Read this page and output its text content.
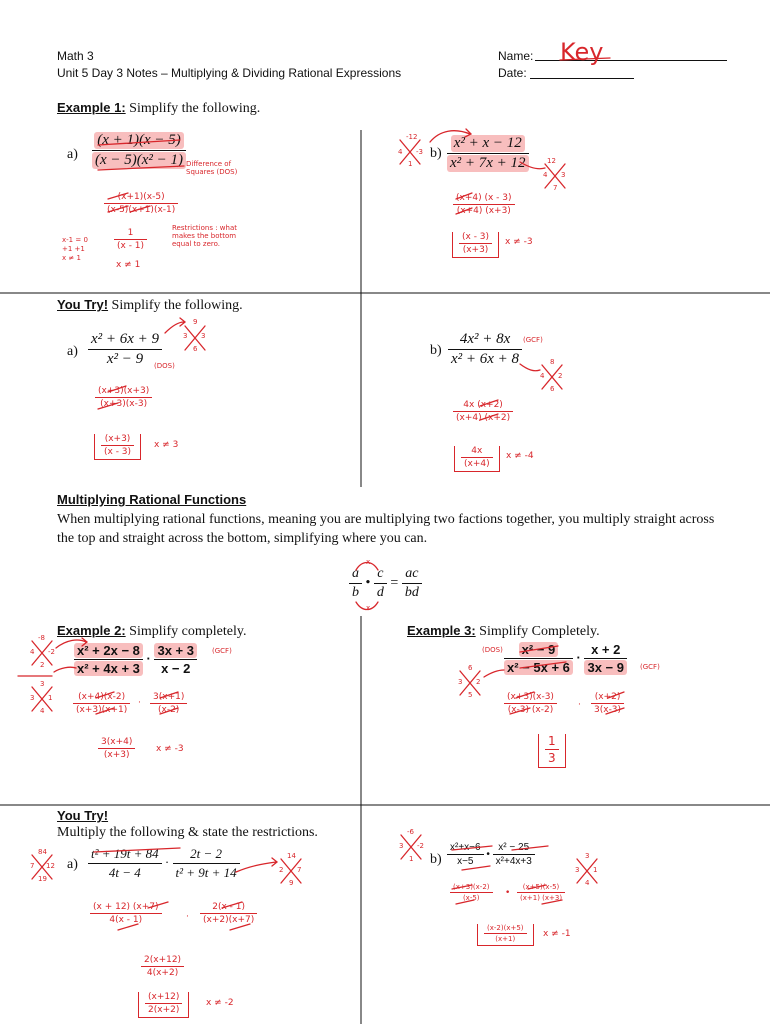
Math 3
Unit 5 Day 3 Notes – Multiplying & Dividing Rational Expressions
Name: Key
Date:
Example 1: Simplify the following.
$a) \frac{(x + 1)(x - 5)}{\text{(x − 5)(x² − 1)}}$ Difference of Squares (DOS)
$\frac{(x+1)(x-5)}{(x-5)(x+1)(x-1)}$
Restrictions : what makes the bottom equal to zero.
$\frac{1}{(x - 1)}$
x-1 = 0
+1 +1
x ≠ 1
x ≠ 1
$b) \frac{\text{x² + x − 12}}{\text{x² + 7x + 12}}$
$\frac{(x+4) (x - 3)}{(x+4) (x+3)}$
$\frac{(x - 3)}{(x+3)}$ x ≠ -3
You Try! Simplify the following.
$a) \frac{\text{x² + 6x + 9}}{\text{x² − 9}}$
(DOS)
$\frac{(x+3)(x+3)}{(x+3)(x-3)}$
$\frac{(x+3)}{(x - 3)}$ x ≠ 3
$b) \frac{\text{4x² + 8x}}{\text{x² + 6x + 8}} (GCF)$
$\frac{4x (x+2)}{(x+4) (x+2)}$
$\frac{4x}{(x+4)}$ x ≠ -4
Multiplying Rational Functions
When multiplying rational functions, meaning you are multiplying two factions together, you multiply straight across the top and straight across the bottom, simplifying where you can.
$\frac{a}{b}$ • $\frac{c}{d} = \frac{ac}{bd}$
x
x
Example 2: Simplify completely.
$\frac{\text{x² + 2x − 8}}{\text{x² + 4x + 3}} \cdot \frac{3x + 3}{x - 2} (GCF)$
$\frac{(x+4)(x-2)}{(x+3)(x+1)} \cdot \frac{3(x+1)}{(x-2)}$
$\frac{3(x+4)}{(x+3)}$ x ≠ -3
Example 3: Simplify Completely.
$(DOS) \frac{\text{x² − 9}}{\text{x² − 5x + 6}} \cdot \frac{x + 2}{3x - 9} (GCF)$
$\frac{(x+3)(x-3)}{(x-3) (x-2)} \cdot \frac{(x+2)}{3(x-3)}$
$\frac{1}{3}$
You Try!
Multiply the following & state the restrictions.
$a) \frac{\text{t² + 19t + 84}}{4t - 4} \cdot \frac{2t - 2}{\text{t² + 9t + 14}}$
$\frac{(x + 12) (x+7)}{4(x - 1)}$	· $\frac{2(x - 1)}{(x+2)(x+7)}$
$\frac{2(x+12)}{4(x+2)}$
$\frac{(x+12)}{2(x+2)}$ x ≠ -2
$b) \frac{\text{x²+x−6}}{x-5}$ • $\frac{\text{x² − 25}}{\text{x²+4x+3}}$
$\frac{(x+3)(x-2)}{(x-5)}$ • $\frac{(x+5)(x-5)}{(x+1) (x+3)}$
$\frac{(x-2)(x+5)}{(x+1)}$ x ≠ -1
-12
4 -3
1	12
4 3
7
9
3 3
6
8
4 2
6
-8
4 -2
2
3
3 1
4
6
3 2
5
84
7 12
19
14
2 7
9
-6
3 -2
1	3
3 1
4
